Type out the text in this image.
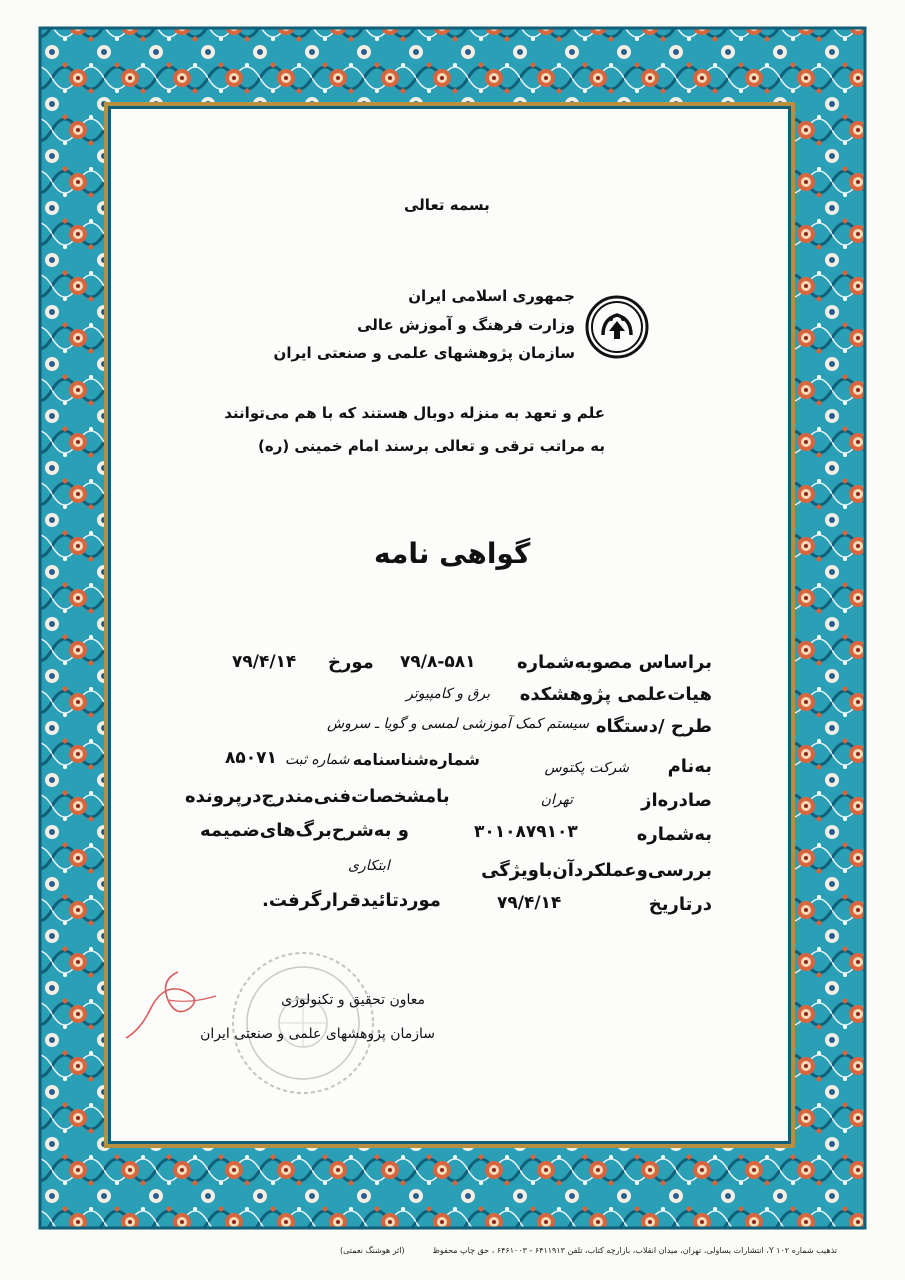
بسمه تعالی
جمهوری اسلامی ایران
وزارت فرهنگ و آموزش عالی
سازمان پژوهشهای علمی و صنعتی ایران
علم و تعهد به منزله دوبال هستند که با هم می‌توانند
به مراتب ترقی و تعالی برسند
امام خمینی (ره)
گواهی نامه
براساس مصوبه‌شماره
۷۹/۸-۵۸۱
مورخ
۷۹/۴/۱۴
هیات‌علمی پژوهشکده
برق و کامپیوتر
طرح /دستگاه
سیستم کمک آموزشی لمسی و گویا ـ سروش
به‌نام
شرکت پکتوس
شماره‌شناسنامه
شماره ثبت
۸۵۰۷۱
صادره‌از
تهران
بامشخصات‌فنی‌مندرج‌درپرونده
به‌شماره
۳۰۱۰۸۷۹۱۰۳
و به‌شرح‌برگ‌های‌ضمیمه
بررسی‌وعملکردآن‌باویژگی
ابتکاری
درتاریخ
۷۹/۴/۱۴
موردتائیدقرارگرفت.
معاون تحقیق و تکنولوژی
سازمان پژوهشهای علمی و صنعتی ایران
تذهیب شماره ۱۰۲ Y، انتشارات یساولی، تهران، میدان انقلاب، بازارچه کتاب، تلفن ۶۴۱۱۹۱۳ - ۶۴۶۱۰۰۳ ، حق چاپ محفوظ
(اثر هوشنگ نعمتی)
